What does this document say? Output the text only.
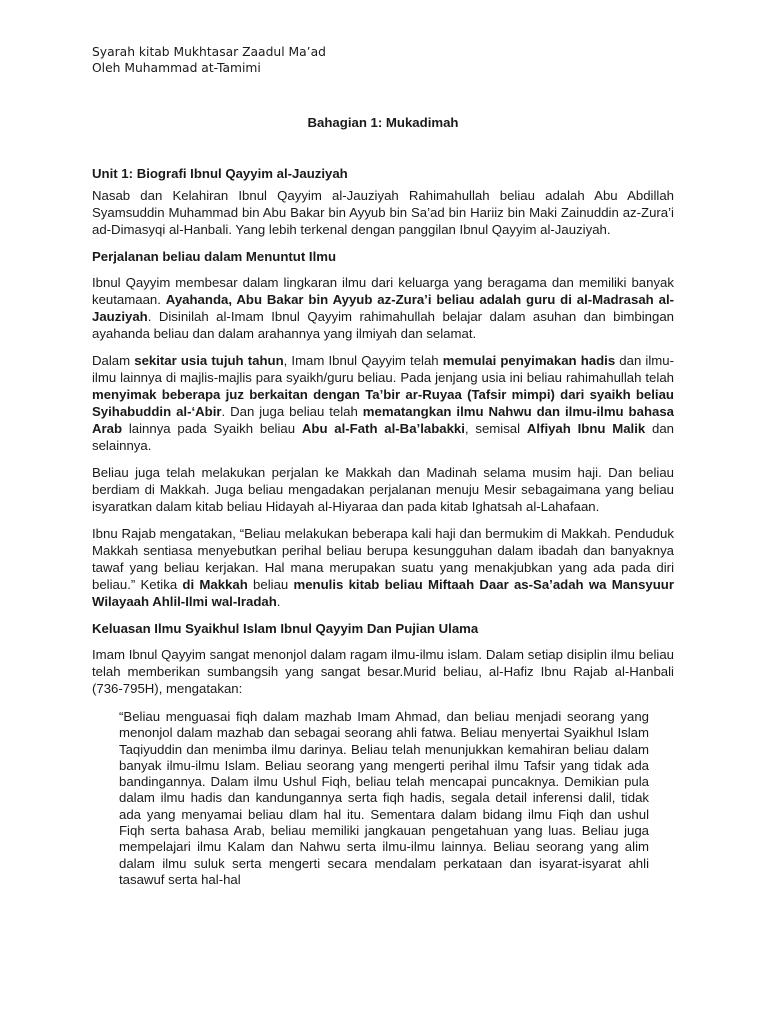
Syarah kitab Mukhtasar Zaadul Ma’ad
Oleh Muhammad at-Tamimi
Bahagian 1: Mukadimah
Unit 1: Biografi Ibnul Qayyim al-Jauziyah

Nasab dan Kelahiran Ibnul Qayyim al-Jauziyah Rahimahullah beliau adalah Abu Abdillah Syamsuddin Muhammad bin Abu Bakar bin Ayyub bin Sa’ad bin Hariiz bin Maki Zainuddin az-Zura’i ad-Dimasyqi al-Hanbali. Yang lebih terkenal dengan panggilan Ibnul Qayyim al-Jauziyah.

Perjalanan beliau dalam Menuntut Ilmu

Ibnul Qayyim membesar dalam lingkaran ilmu dari keluarga yang beragama dan memiliki banyak keutamaan. Ayahanda, Abu Bakar bin Ayyub az-Zura’i beliau adalah guru di al-Madrasah al-Jauziyah. Disinilah al-Imam Ibnul Qayyim rahimahullah belajar dalam asuhan dan bimbingan ayahanda beliau dan dalam arahannya yang ilmiyah dan selamat.

Dalam sekitar usia tujuh tahun, Imam Ibnul Qayyim telah memulai penyimakan hadis dan ilmu-ilmu lainnya di majlis-majlis para syaikh/guru beliau. Pada jenjang usia ini beliau rahimahullah telah menyimak beberapa juz berkaitan dengan Ta’bir ar-Ruyaa (Tafsir mimpi) dari syaikh beliau Syihabuddin al-‘Abir. Dan juga beliau telah mematangkan ilmu Nahwu dan ilmu-ilmu bahasa Arab lainnya pada Syaikh beliau Abu al-Fath al-Ba’labakki, semisal Alfiyah Ibnu Malik dan selainnya.

Beliau juga telah melakukan perjalan ke Makkah dan Madinah selama musim haji. Dan beliau berdiam di Makkah. Juga beliau mengadakan perjalanan menuju Mesir sebagaimana yang beliau isyaratkan dalam kitab beliau Hidayah al-Hiyaraa dan pada kitab Ighatsah al-Lahafaan.

Ibnu Rajab mengatakan, “Beliau melakukan beberapa kali haji dan bermukim di Makkah. Penduduk Makkah sentiasa menyebutkan perihal beliau berupa kesungguhan dalam ibadah dan banyaknya tawaf yang beliau kerjakan. Hal mana merupakan suatu yang menakjubkan yang ada pada diri beliau.” Ketika di Makkah beliau menulis kitab beliau Miftaah Daar as-Sa’adah wa Mansyuur Wilayaah Ahlil-Ilmi wal-Iradah.

Keluasan Ilmu Syaikhul Islam Ibnul Qayyim Dan Pujian Ulama

Imam Ibnul Qayyim sangat menonjol dalam ragam ilmu-ilmu islam. Dalam setiap disiplin ilmu beliau telah memberikan sumbangsih yang sangat besar.Murid beliau, al-Hafiz Ibnu Rajab al-Hanbali (736-795H), mengatakan:

“Beliau menguasai fiqh dalam mazhab Imam Ahmad, dan beliau menjadi seorang yang menonjol dalam mazhab dan sebagai seorang ahli fatwa. Beliau menyertai Syaikhul Islam Taqiyuddin dan menimba ilmu darinya. Beliau telah menunjukkan kemahiran beliau dalam banyak ilmu-ilmu Islam. Beliau seorang yang mengerti perihal ilmu Tafsir yang tidak ada bandingannya. Dalam ilmu Ushul Fiqh, beliau telah mencapai puncaknya. Demikian pula dalam ilmu hadis dan kandungannya serta fiqh hadis, segala detail inferensi dalil, tidak ada yang menyamai beliau dlam hal itu. Sementara dalam bidang ilmu Fiqh dan ushul Fiqh serta bahasa Arab, beliau memiliki jangkauan pengetahuan yang luas. Beliau juga mempelajari ilmu Kalam dan Nahwu serta ilmu-ilmu lainnya. Beliau seorang yang alim dalam ilmu suluk serta mengerti secara mendalam perkataan dan isyarat-isyarat ahli tasawuf serta hal-hal
